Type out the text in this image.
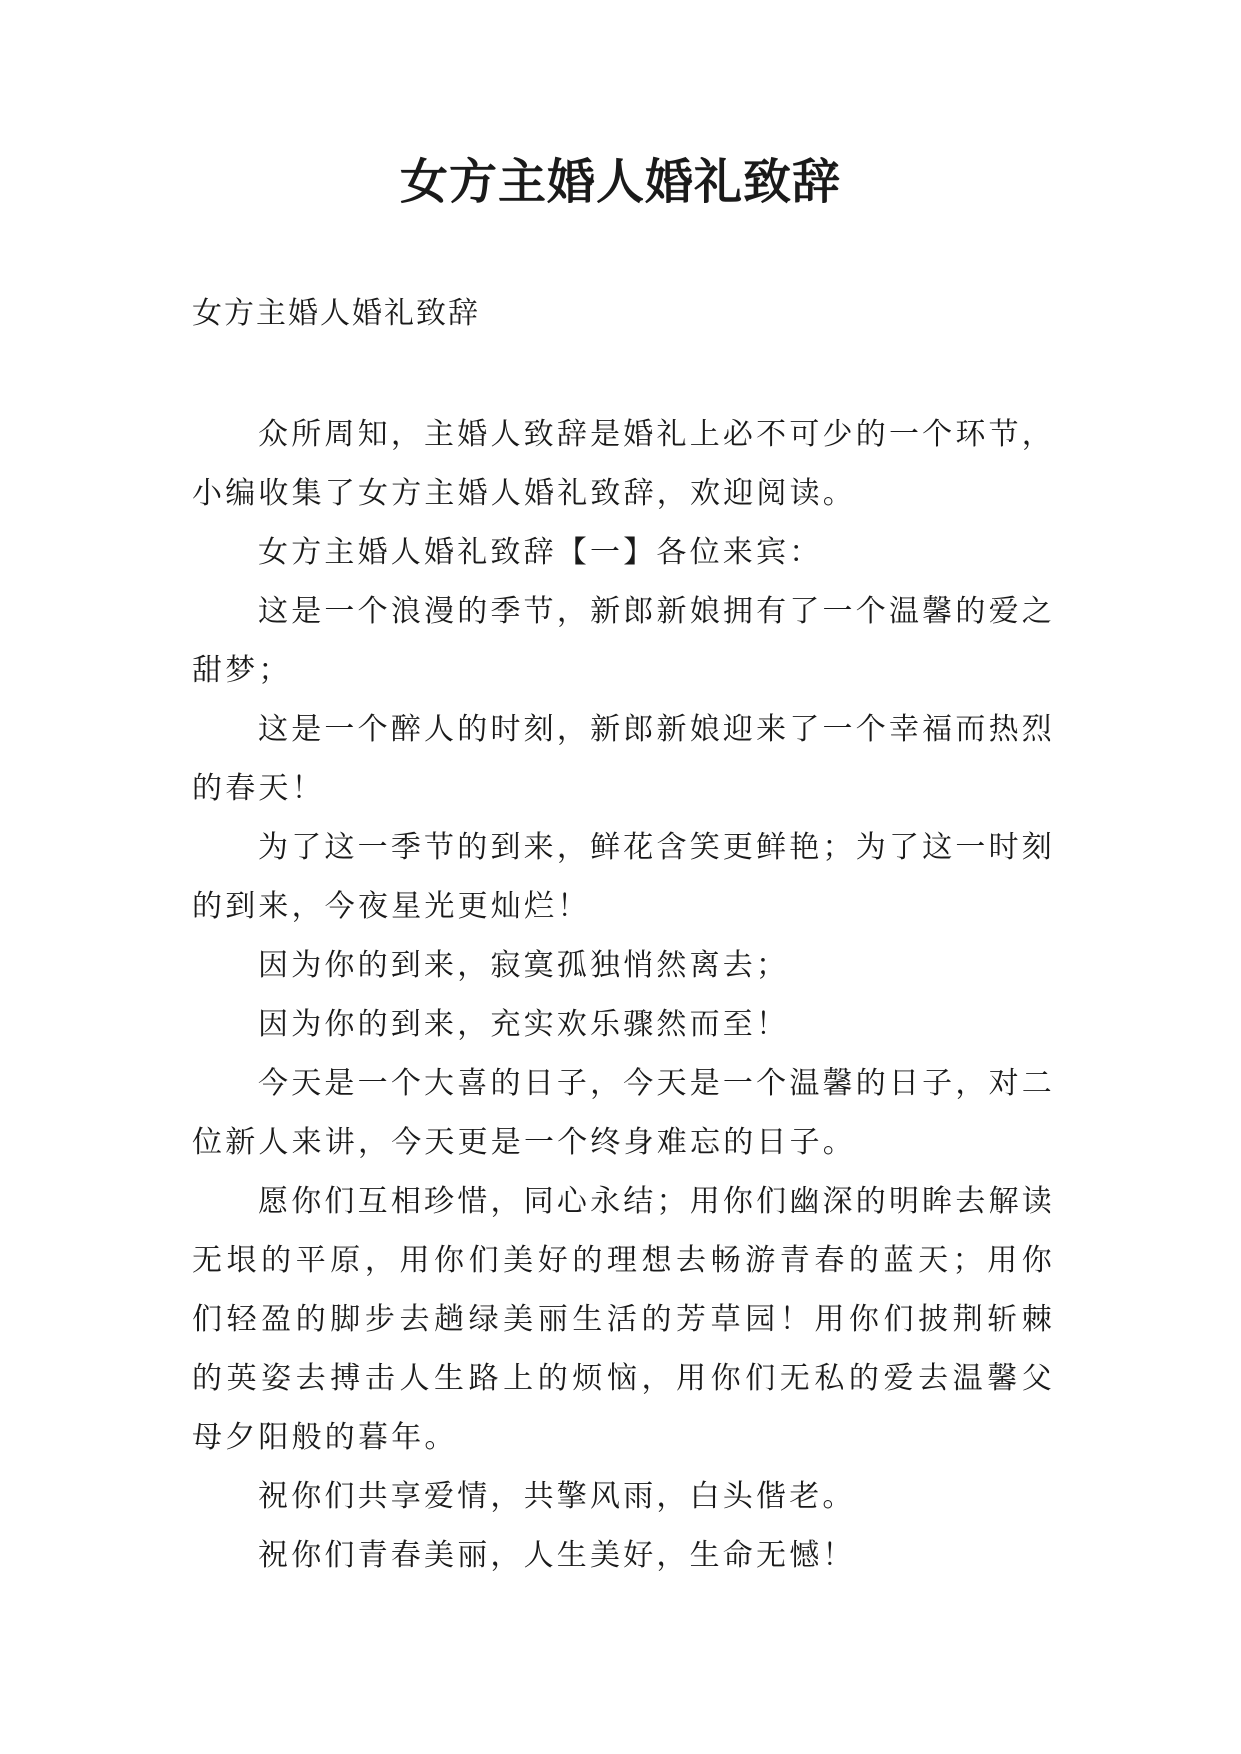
女方主婚人婚礼致辞
女方主婚人婚礼致辞

众所周知，主婚人致辞是婚礼上必不可少的一个环节，小编收集了女方主婚人婚礼致辞，欢迎阅读。

女方主婚人婚礼致辞【一】各位来宾：

这是一个浪漫的季节，新郎新娘拥有了一个温馨的爱之甜梦；

这是一个醉人的时刻，新郎新娘迎来了一个幸福而热烈的春天！

为了这一季节的到来，鲜花含笑更鲜艳；为了这一时刻的到来，今夜星光更灿烂！

因为你的到来，寂寞孤独悄然离去；

因为你的到来，充实欢乐骤然而至！

今天是一个大喜的日子，今天是一个温馨的日子，对二位新人来讲，今天更是一个终身难忘的日子。

愿你们互相珍惜，同心永结；用你们幽深的明眸去解读无垠的平原，用你们美好的理想去畅游青春的蓝天；用你们轻盈的脚步去趟绿美丽生活的芳草园！用你们披荆斩棘的英姿去搏击人生路上的烦恼，用你们无私的爱去温馨父母夕阳般的暮年。

祝你们共享爱情，共擎风雨，白头偕老。

祝你们青春美丽，人生美好，生命无憾！
